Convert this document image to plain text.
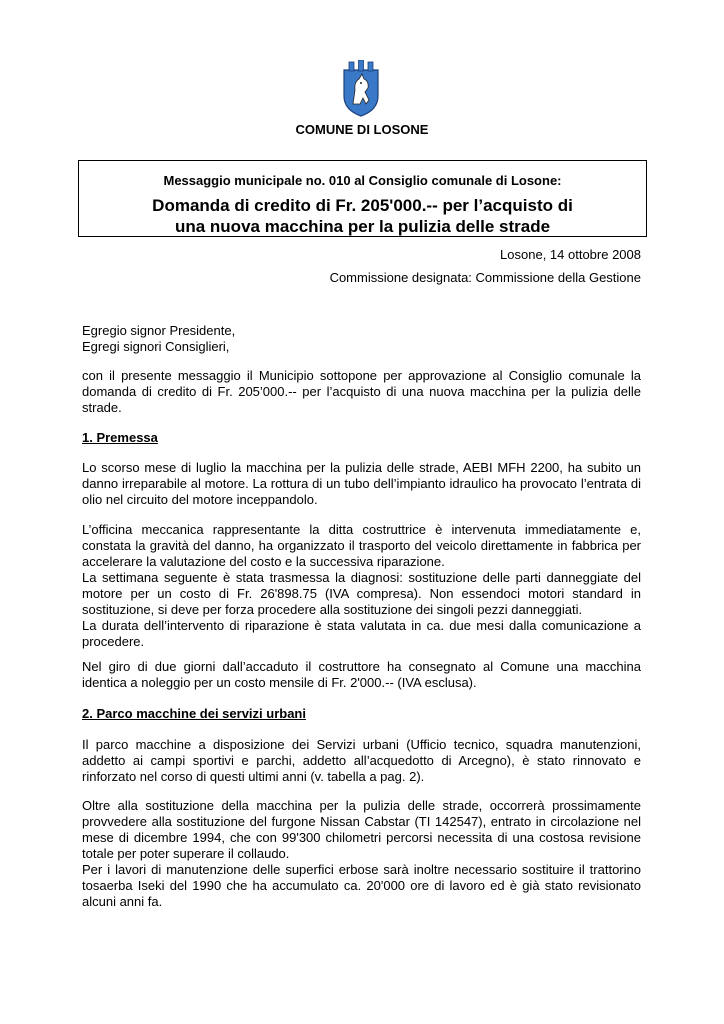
COMUNE DI LOSONE
Messaggio municipale no. 010 al Consiglio comunale di Losone:
Domanda di credito di Fr. 205'000.-- per l’acquisto di
una nuova macchina per la pulizia delle strade
Losone, 14 ottobre 2008
Commissione designata: Commissione della Gestione

Egregio signor Presidente,

Egregi signori Consiglieri,

con il presente messaggio il Municipio sottopone per approvazione al Consiglio comunale la domanda di credito di Fr. 205’000.-- per l’acquisto di una nuova macchina per la pulizia delle strade.

1. Premessa

Lo scorso mese di luglio la macchina per la pulizia delle strade, AEBI MFH 2200, ha subito un danno irreparabile al motore. La rottura di un tubo dell’impianto idraulico ha provocato l’entrata di olio nel circuito del motore inceppandolo.

L’officina meccanica rappresentante la ditta costruttrice è intervenuta immediatamente e, constata la gravità del danno, ha organizzato il trasporto del veicolo direttamente in fabbrica per accelerare la valutazione del costo e la successiva riparazione.

La settimana seguente è stata trasmessa la diagnosi: sostituzione delle parti danneggiate del motore per un costo di Fr. 26'898.75 (IVA compresa). Non essendoci motori standard in sostituzione, si deve per forza procedere alla sostituzione dei singoli pezzi danneggiati.

La durata dell’intervento di riparazione è stata valutata in ca. due mesi dalla comunicazione a procedere.

Nel giro di due giorni dall’accaduto il costruttore ha consegnato al Comune una macchina identica a noleggio per un costo mensile di Fr. 2'000.-- (IVA esclusa).

2. Parco macchine dei servizi urbani

Il parco macchine a disposizione dei Servizi urbani (Ufficio tecnico, squadra manutenzioni, addetto ai campi sportivi e parchi, addetto all’acquedotto di Arcegno), è stato rinnovato e rinforzato nel corso di questi ultimi anni (v. tabella a pag. 2).

Oltre alla sostituzione della macchina per la pulizia delle strade, occorrerà prossimamente provvedere alla sostituzione del furgone Nissan Cabstar (TI 142547), entrato in circolazione nel mese di dicembre 1994, che con 99'300 chilometri percorsi necessita di una costosa revisione totale per poter superare il collaudo.

Per i lavori di manutenzione delle superfici erbose sarà inoltre necessario sostituire il trattorino tosaerba Iseki del 1990 che ha accumulato ca. 20'000 ore di lavoro ed è già stato revisionato alcuni anni fa.
